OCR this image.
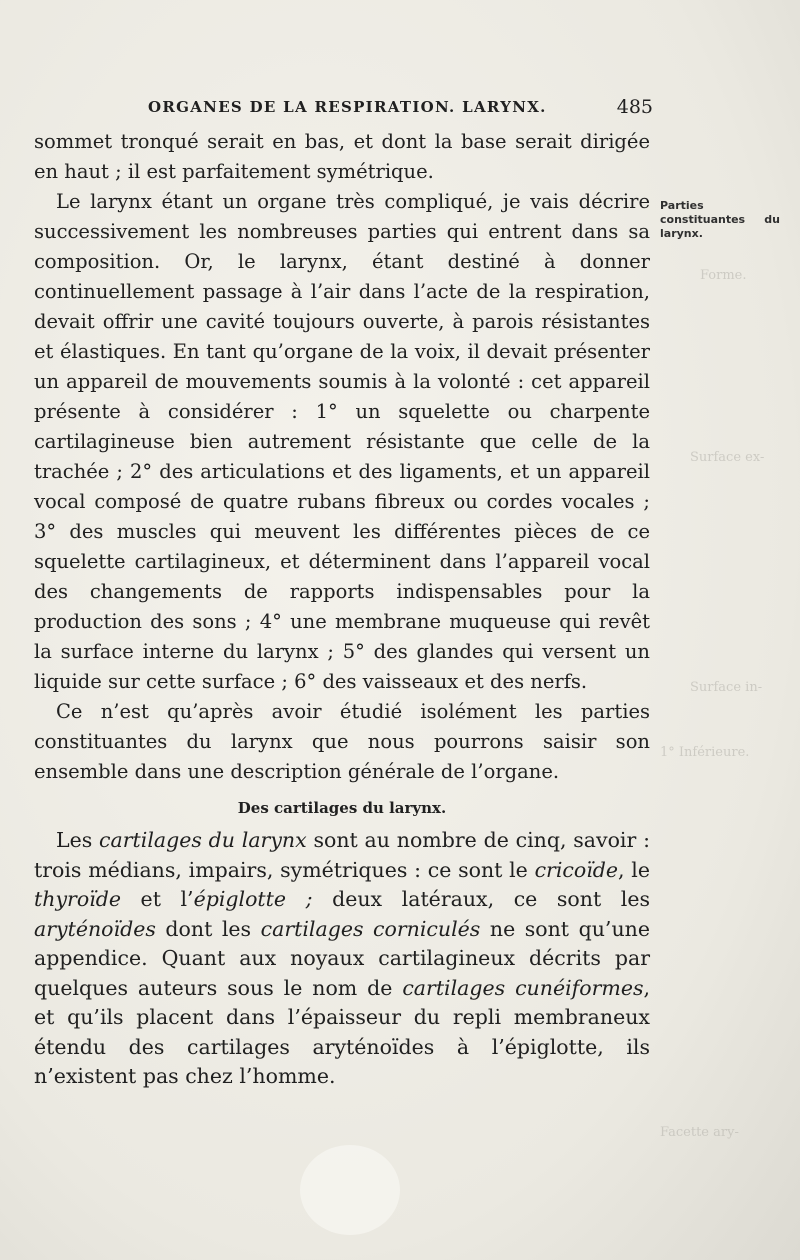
Forme.
Surface ex-
Surface in-
1° Inférieure.
Facette ary-
ORGANES DE LA RESPIRATION. LARYNX.	485
Parties constituantes du larynx.

sommet tronqué serait en bas, et dont la base serait dirigée en haut ; il est parfaitement symétrique.

Le larynx étant un organe très compliqué, je vais décrire successivement les nombreuses parties qui entrent dans sa composition. Or, le larynx, étant destiné à donner continuellement passage à l’air dans l’acte de la respiration, devait offrir une cavité toujours ouverte, à parois résistantes et élastiques. En tant qu’organe de la voix, il devait présenter un appareil de mouvements soumis à la volonté : cet appareil présente à considérer : 1° un squelette ou charpente cartilagineuse bien autrement résistante que celle de la trachée ; 2° des articulations et des ligaments, et un appareil vocal composé de quatre rubans fibreux ou cordes vocales ; 3° des muscles qui meuvent les différentes pièces de ce squelette cartilagineux, et déterminent dans l’appareil vocal des changements de rapports indispensables pour la production des sons ; 4° une membrane muqueuse qui revêt la surface interne du larynx ; 5° des glandes qui versent un liquide sur cette surface ; 6° des vaisseaux et des nerfs.

Ce n’est qu’après avoir étudié isolément les parties constituantes du larynx que nous pourrons saisir son ensemble dans une description générale de l’organe.

Des cartilages du larynx.

Les cartilages du larynx sont au nombre de cinq, savoir : trois médians, impairs, symétriques : ce sont le cricoïde, le thyroïde et l’épiglotte ; deux latéraux, ce sont les aryténoïdes dont les cartilages corniculés ne sont qu’une appendice. Quant aux noyaux cartilagineux décrits par quelques auteurs sous le nom de cartilages cunéiformes, et qu’ils placent dans l’épaisseur du repli membraneux étendu des cartilages aryténoïdes à l’épiglotte, ils n’existent pas chez l’homme.
